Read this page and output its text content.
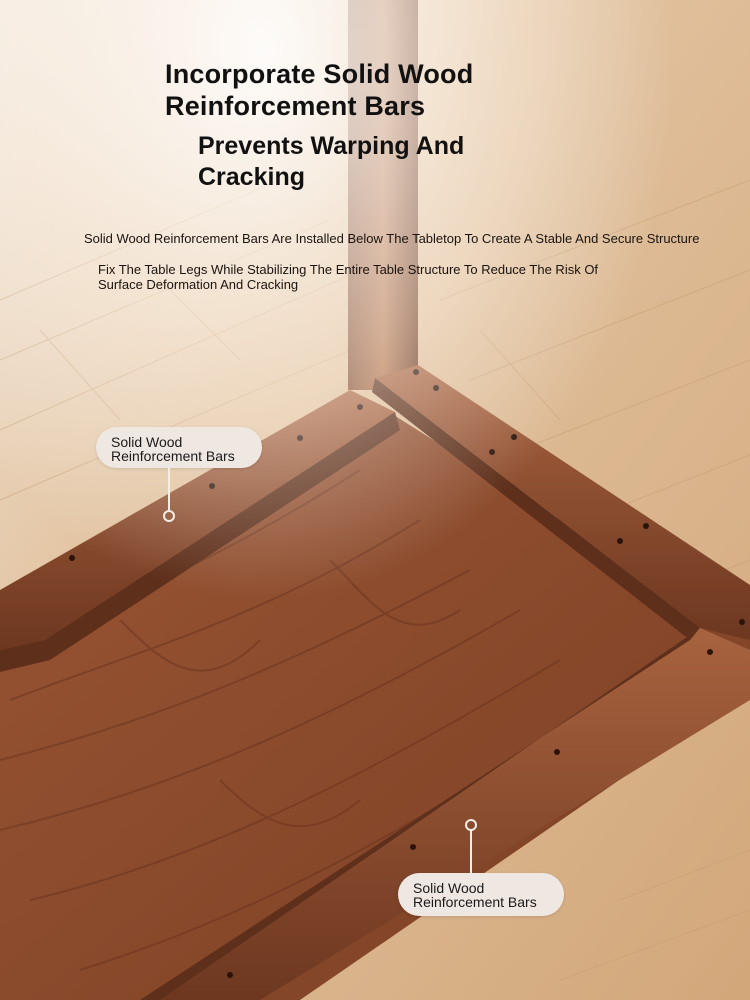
Incorporate Solid Wood
Reinforcement Bars
Prevents Warping And
Cracking

Solid Wood Reinforcement Bars Are Installed Below The Tabletop To Create A Stable And Secure Structure

Fix The Table Legs While Stabilizing The Entire Table Structure To Reduce The Risk Of
Surface Deformation And Cracking

Solid Wood
Reinforcement Bars
Solid Wood
Reinforcement Bars
